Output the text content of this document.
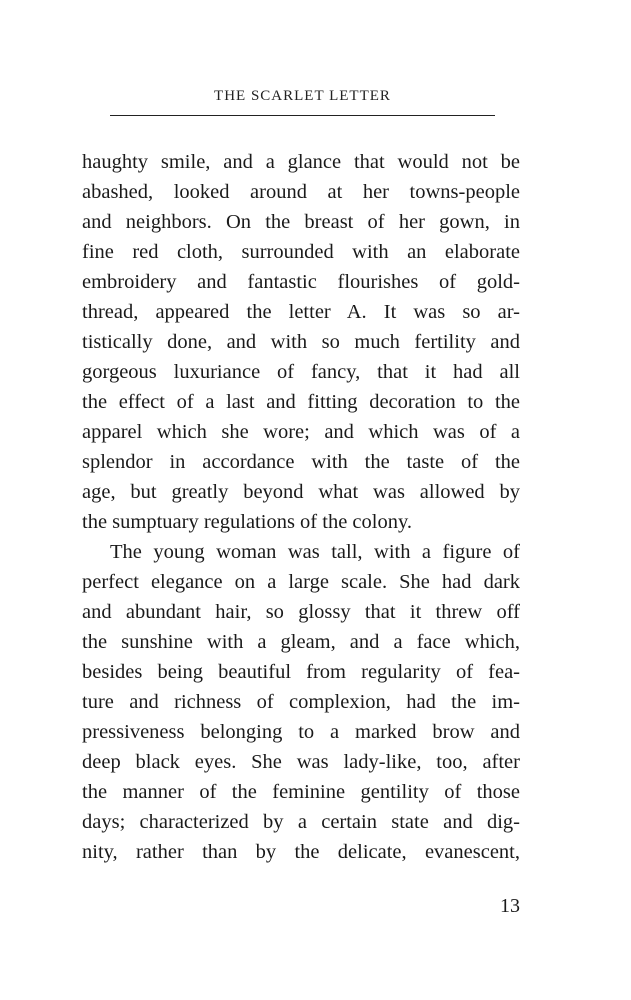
THE SCARLET LETTER
haughty smile, and a glance that would not be
abashed, looked around at her towns-people
and neighbors. On the breast of her gown, in
fine red cloth, surrounded with an elaborate
embroidery and fantastic flourishes of gold-
thread, appeared the letter A. It was so ar-
tistically done, and with so much fertility and
gorgeous luxuriance of fancy, that it had all
the effect of a last and fitting decoration to the
apparel which she wore; and which was of a
splendor in accordance with the taste of the
age, but greatly beyond what was allowed by
the sumptuary regulations of the colony.
The young woman was tall, with a figure of
perfect elegance on a large scale. She had dark
and abundant hair, so glossy that it threw off
the sunshine with a gleam, and a face which,
besides being beautiful from regularity of fea-
ture and richness of complexion, had the im-
pressiveness belonging to a marked brow and
deep black eyes. She was lady-like, too, after
the manner of the feminine gentility of those
days; characterized by a certain state and dig-
nity, rather than by the delicate, evanescent,
13
